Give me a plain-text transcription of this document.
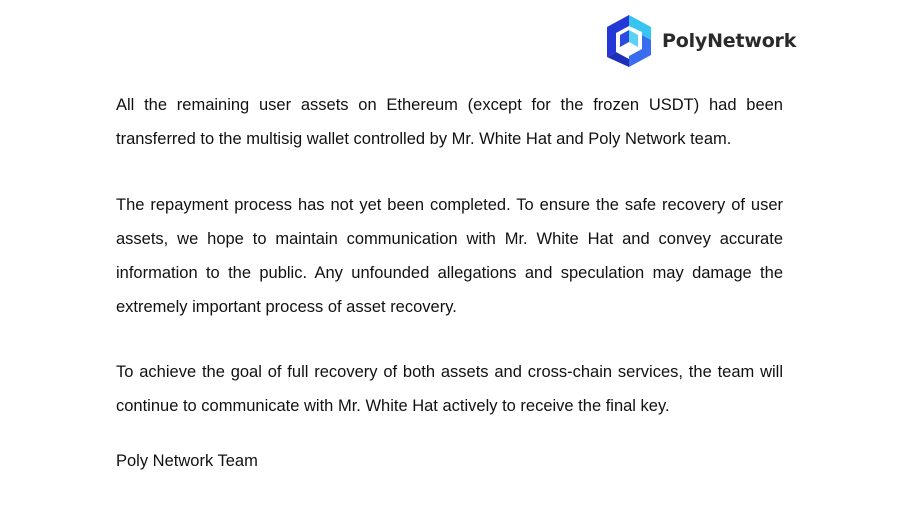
PolyNetwork

All the remaining user assets on Ethereum (except for the frozen USDT) had been transferred to the multisig wallet controlled by Mr. White Hat and Poly Network team.

The repayment process has not yet been completed. To ensure the safe recovery of user assets, we hope to maintain communication with Mr. White Hat and convey accurate information to the public. Any unfounded allegations and speculation may damage the extremely important process of asset recovery.

To achieve the goal of full recovery of both assets and cross-chain services, the team will continue to communicate with Mr. White Hat actively to receive the final key.

Poly Network Team
